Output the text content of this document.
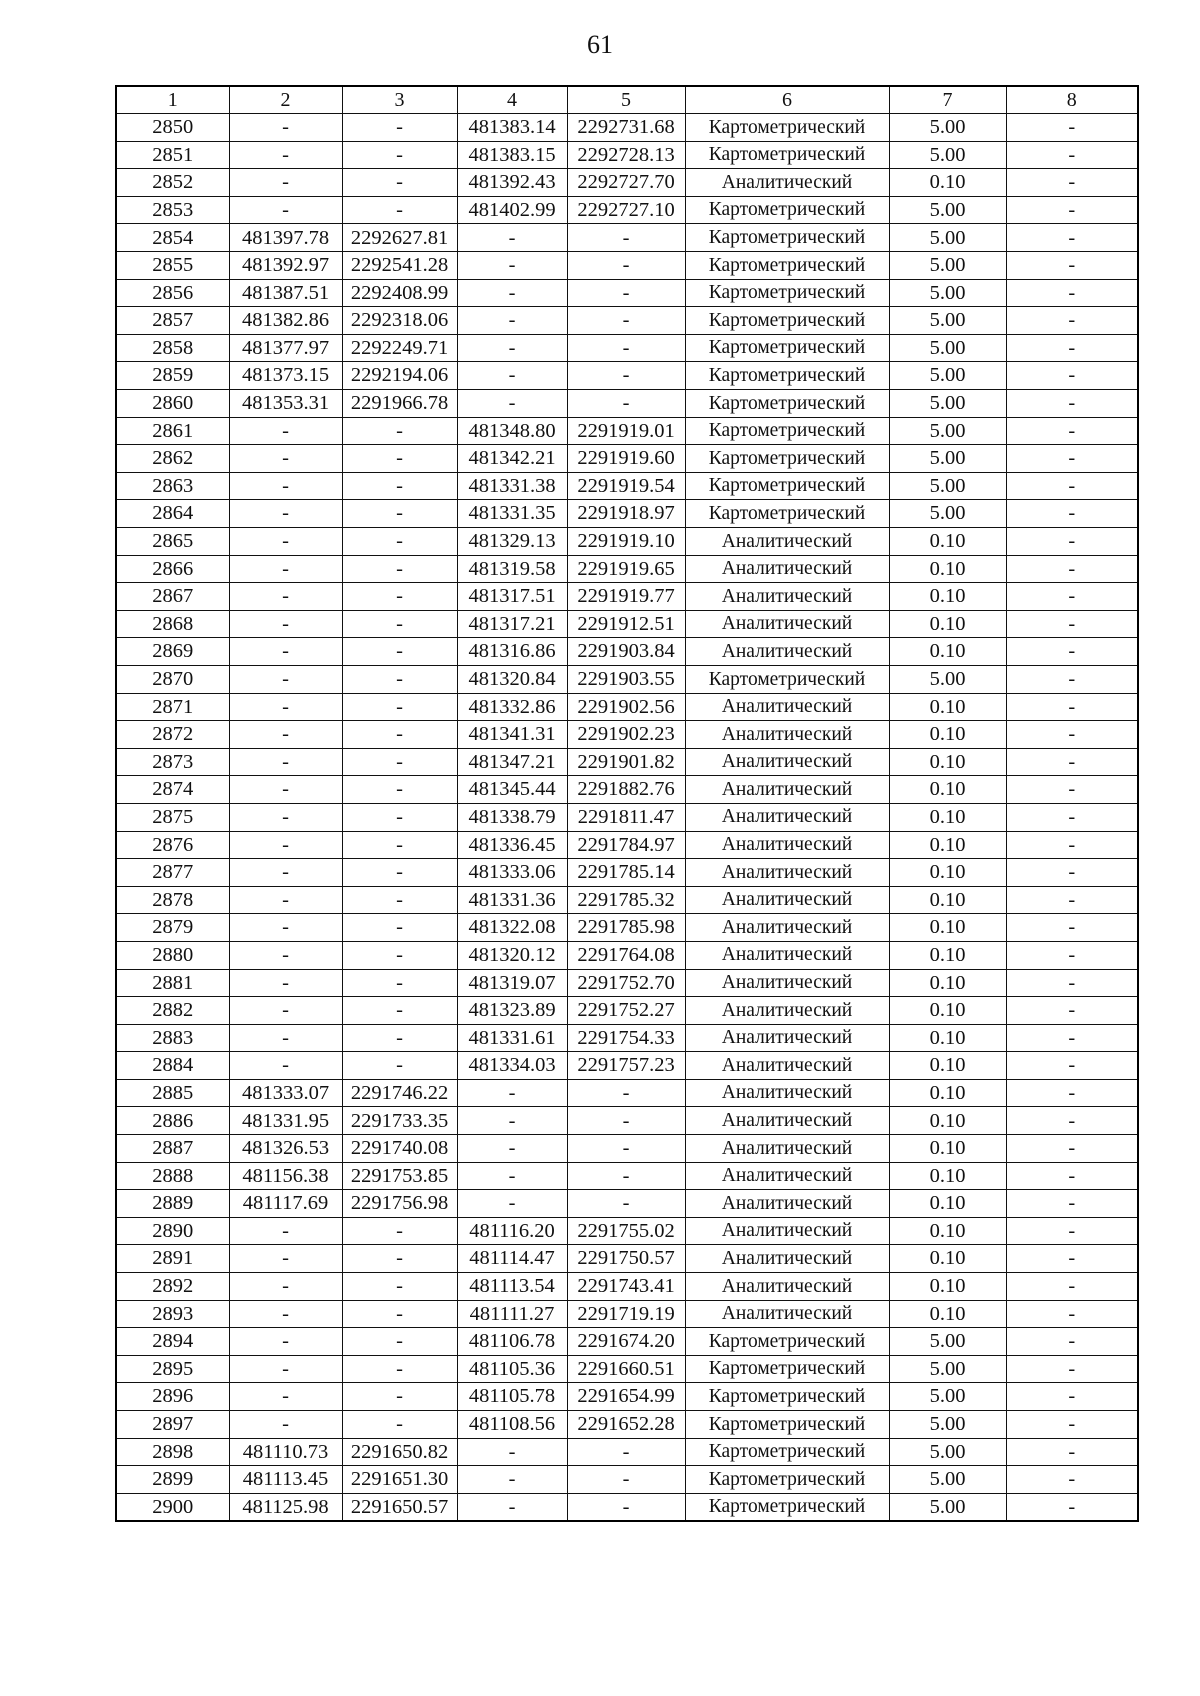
61
1	2	3	4	5	6	7	8
2850	-	-	481383.14	2292731.68	Картометрический	5.00	-
2851	-	-	481383.15	2292728.13	Картометрический	5.00	-
2852	-	-	481392.43	2292727.70	Аналитический	0.10	-
2853	-	-	481402.99	2292727.10	Картометрический	5.00	-
2854	481397.78	2292627.81	-	-	Картометрический	5.00	-
2855	481392.97	2292541.28	-	-	Картометрический	5.00	-
2856	481387.51	2292408.99	-	-	Картометрический	5.00	-
2857	481382.86	2292318.06	-	-	Картометрический	5.00	-
2858	481377.97	2292249.71	-	-	Картометрический	5.00	-
2859	481373.15	2292194.06	-	-	Картометрический	5.00	-
2860	481353.31	2291966.78	-	-	Картометрический	5.00	-
2861	-	-	481348.80	2291919.01	Картометрический	5.00	-
2862	-	-	481342.21	2291919.60	Картометрический	5.00	-
2863	-	-	481331.38	2291919.54	Картометрический	5.00	-
2864	-	-	481331.35	2291918.97	Картометрический	5.00	-
2865	-	-	481329.13	2291919.10	Аналитический	0.10	-
2866	-	-	481319.58	2291919.65	Аналитический	0.10	-
2867	-	-	481317.51	2291919.77	Аналитический	0.10	-
2868	-	-	481317.21	2291912.51	Аналитический	0.10	-
2869	-	-	481316.86	2291903.84	Аналитический	0.10	-
2870	-	-	481320.84	2291903.55	Картометрический	5.00	-
2871	-	-	481332.86	2291902.56	Аналитический	0.10	-
2872	-	-	481341.31	2291902.23	Аналитический	0.10	-
2873	-	-	481347.21	2291901.82	Аналитический	0.10	-
2874	-	-	481345.44	2291882.76	Аналитический	0.10	-
2875	-	-	481338.79	2291811.47	Аналитический	0.10	-
2876	-	-	481336.45	2291784.97	Аналитический	0.10	-
2877	-	-	481333.06	2291785.14	Аналитический	0.10	-
2878	-	-	481331.36	2291785.32	Аналитический	0.10	-
2879	-	-	481322.08	2291785.98	Аналитический	0.10	-
2880	-	-	481320.12	2291764.08	Аналитический	0.10	-
2881	-	-	481319.07	2291752.70	Аналитический	0.10	-
2882	-	-	481323.89	2291752.27	Аналитический	0.10	-
2883	-	-	481331.61	2291754.33	Аналитический	0.10	-
2884	-	-	481334.03	2291757.23	Аналитический	0.10	-
2885	481333.07	2291746.22	-	-	Аналитический	0.10	-
2886	481331.95	2291733.35	-	-	Аналитический	0.10	-
2887	481326.53	2291740.08	-	-	Аналитический	0.10	-
2888	481156.38	2291753.85	-	-	Аналитический	0.10	-
2889	481117.69	2291756.98	-	-	Аналитический	0.10	-
2890	-	-	481116.20	2291755.02	Аналитический	0.10	-
2891	-	-	481114.47	2291750.57	Аналитический	0.10	-
2892	-	-	481113.54	2291743.41	Аналитический	0.10	-
2893	-	-	481111.27	2291719.19	Аналитический	0.10	-
2894	-	-	481106.78	2291674.20	Картометрический	5.00	-
2895	-	-	481105.36	2291660.51	Картометрический	5.00	-
2896	-	-	481105.78	2291654.99	Картометрический	5.00	-
2897	-	-	481108.56	2291652.28	Картометрический	5.00	-
2898	481110.73	2291650.82	-	-	Картометрический	5.00	-
2899	481113.45	2291651.30	-	-	Картометрический	5.00	-
2900	481125.98	2291650.57	-	-	Картометрический	5.00	-
